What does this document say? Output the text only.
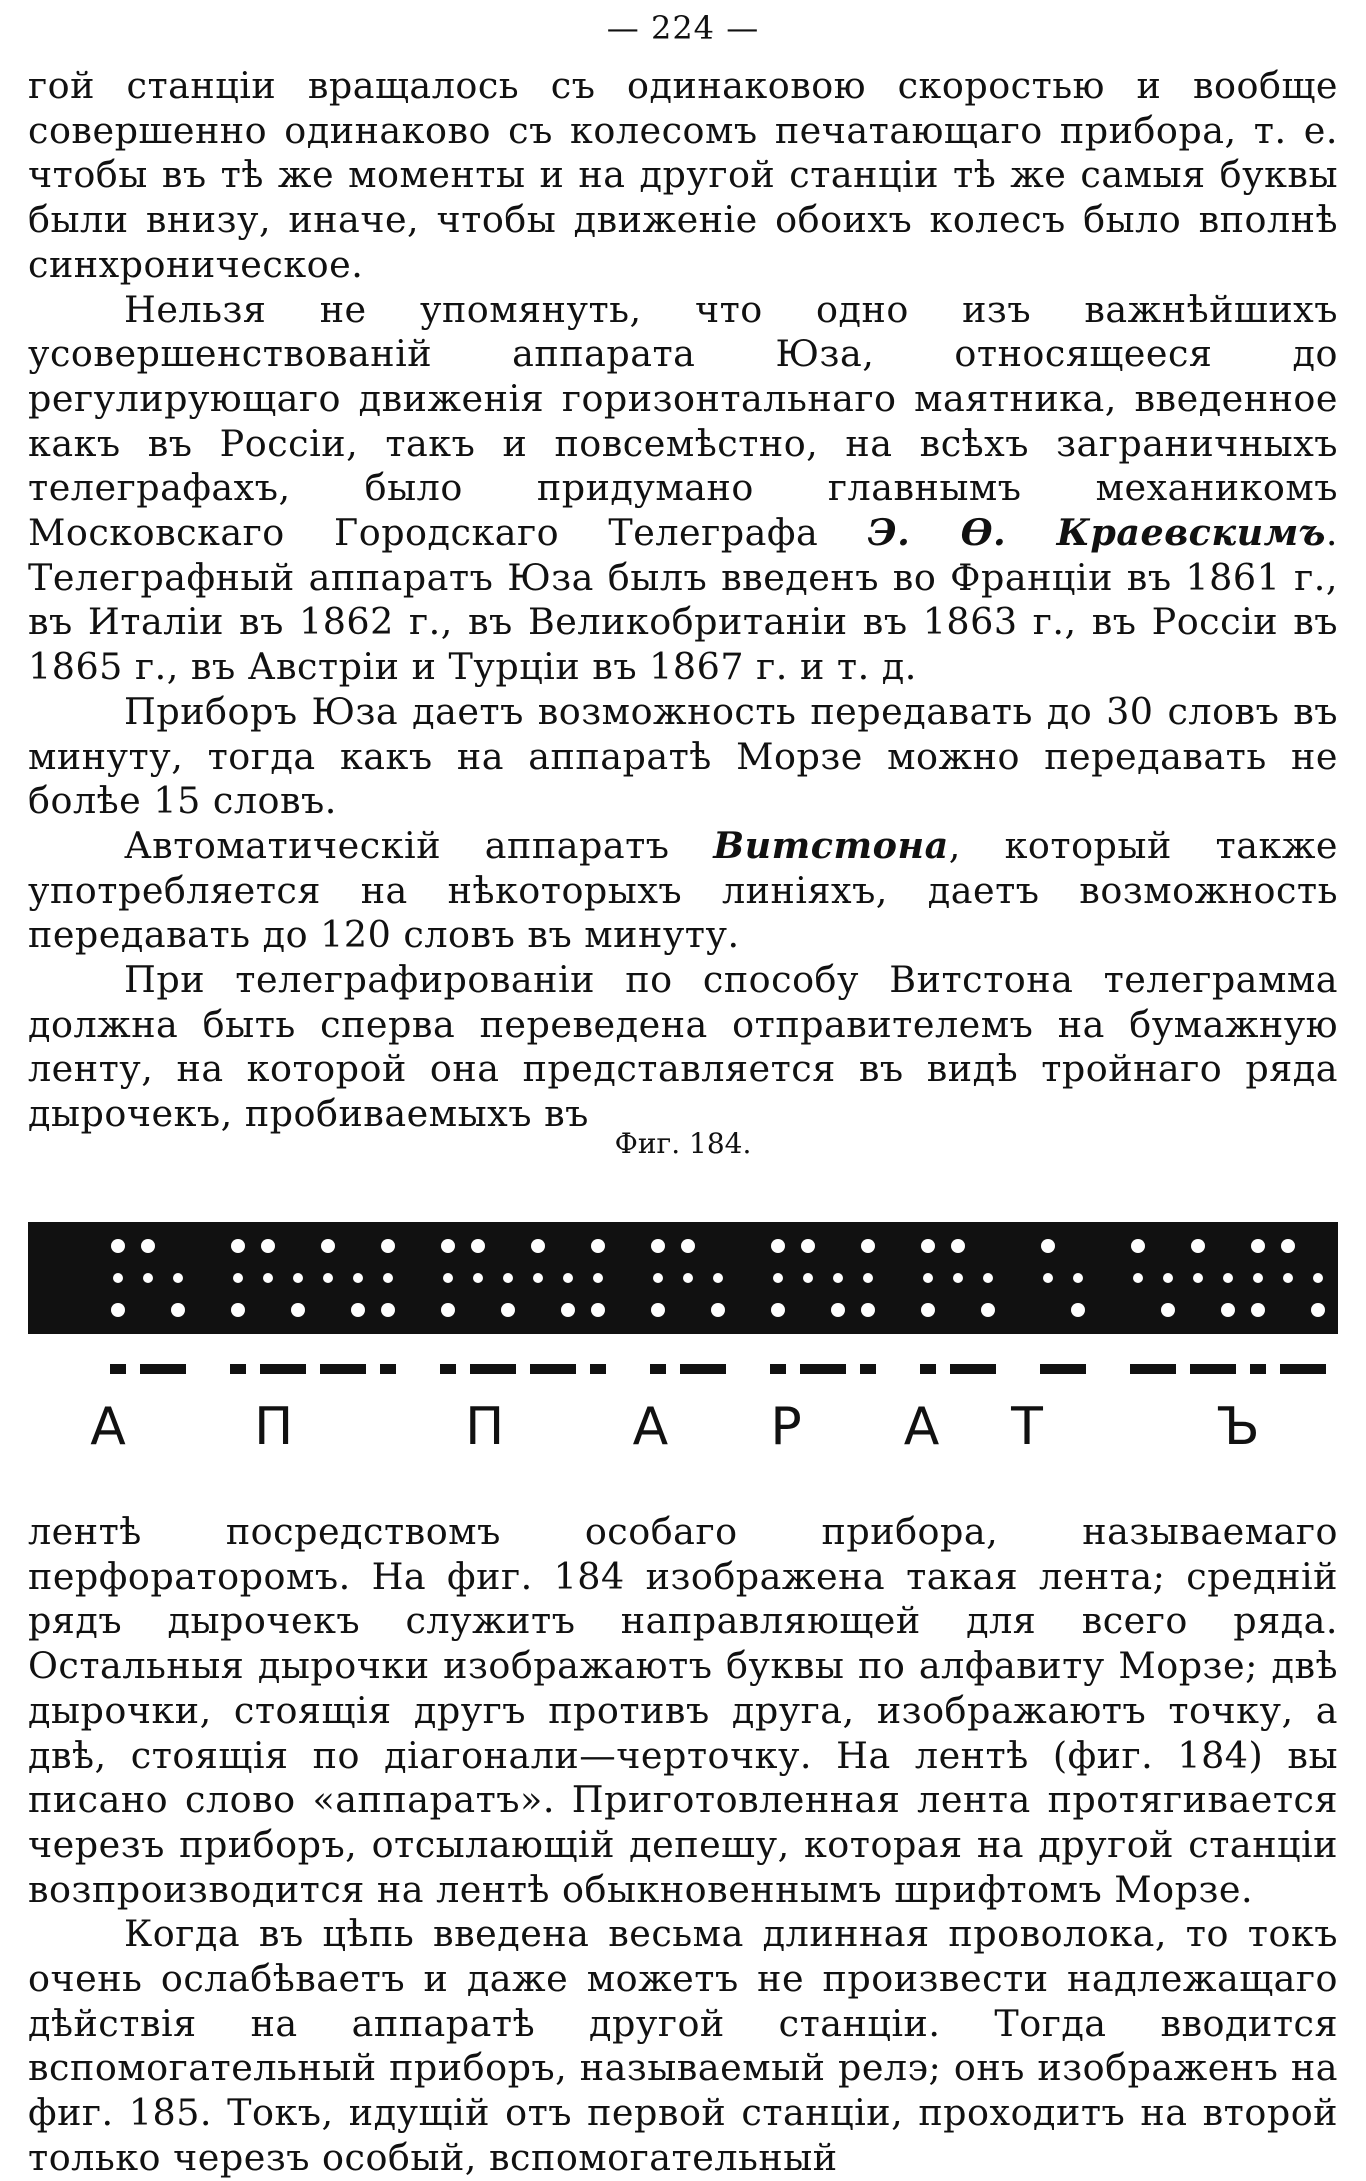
— 224 —

гой станціи вращалось съ одинаковою скоростью и вообще совершенно одинаково съ колесомъ печатающаго прибора, т. е. чтобы въ тѣ же моменты и на другой станціи тѣ же самыя буквы были внизу, иначе, чтобы движеніе обоихъ колесъ было вполнѣ синхроническое.

Нельзя не упомянуть, что одно изъ важнѣйшихъ усовершенствованій аппарата Юза, относящееся до регулирующаго движенія горизонтальнаго маятника, введенное какъ въ Россіи, такъ и повсемѣстно, на всѣхъ заграничныхъ телеграфахъ, было придумано главнымъ механикомъ Московскаго Городскаго Телеграфа Э. Ѳ. Краевскимъ. Телеграфный аппаратъ Юза былъ введенъ во Франціи въ 1861 г., въ Италіи въ 1862 г., въ Великобританіи въ 1863 г., въ Россіи въ 1865 г., въ Австріи и Турціи въ 1867 г. и т. д.

Приборъ Юза даетъ возможность передавать до 30 словъ въ минуту, тогда какъ на аппаратѣ Морзе можно передавать не болѣе 15 словъ.

Автоматическій аппаратъ Витстона, который также употребляется на нѣкоторыхъ линіяхъ, даетъ возможность передавать до 120 словъ въ минуту.

При телеграфированіи по способу Витстона телеграмма должна быть сперва переведена отправителемъ на бумажную ленту, на которой она представляется въ видѣ тройнаго ряда дырочекъ, пробиваемыхъ въ

Фиг. 184.
А П	П А Р А Т	Ъ

лентѣ посредствомъ особаго прибора, называемаго перфораторомъ. На фиг. 184 изображена такая лента; средній рядъ дырочекъ служитъ направляющей для всего ряда. Остальныя дырочки изображаютъ буквы по алфавиту Морзе; двѣ дырочки, стоящія другъ противъ друга, изображаютъ точку, а двѣ, стоящія по діагонали—черточку. На лентѣ (фиг. 184) вы писано слово «аппаратъ». Приготовленная лента протягивается черезъ приборъ, отсылающій депешу, которая на другой станціи возпроизводится на лентѣ обыкновеннымъ шрифтомъ Морзе.

Когда въ цѣпь введена весьма длинная проволока, то токъ очень ослабѣваетъ и даже можетъ не произвести надлежащаго дѣйствія на аппаратѣ другой станціи. Тогда вводится вспомогательный приборъ, называемый релэ; онъ изображенъ на фиг. 185. Токъ, идущій отъ первой станціи, проходитъ на второй только черезъ особый, вспомогательный
